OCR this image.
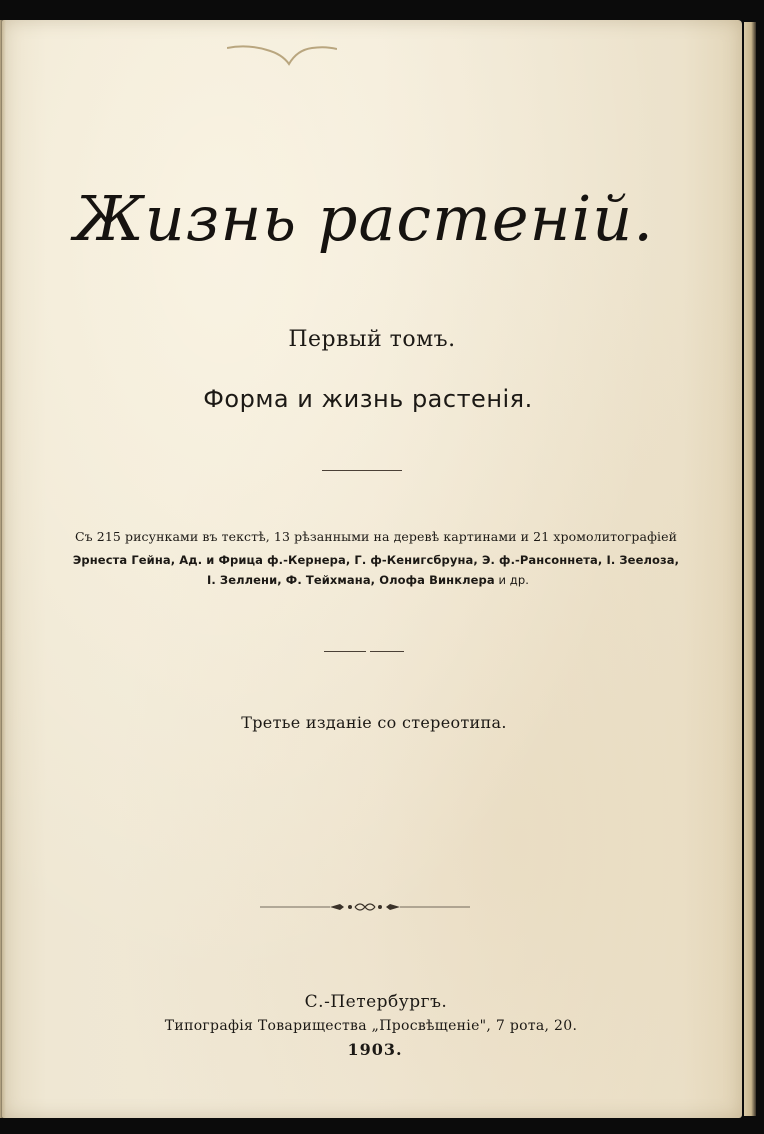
Жизнь растенiй.
Первый томъ.
Форма и жизнь растенiя.
Съ 215 рисунками въ текстѣ, 13 рѣзанными на деревѣ картинами и 21 хромолитографiей
Эрнеста Гейна, Ад. и Фрица ф.-Кернера, Г. ф-Кенигсбруна, Э. ф.-Рансоннета, I. Зеелоза,
I. Зеллени, Ф. Тейхмана, Олофа Винклера и др.
Третье изданiе со стереотипа.
С.-Петербургъ.
Типографiя Товарищества „Просвѣщенiе", 7 рота, 20.
1903.
